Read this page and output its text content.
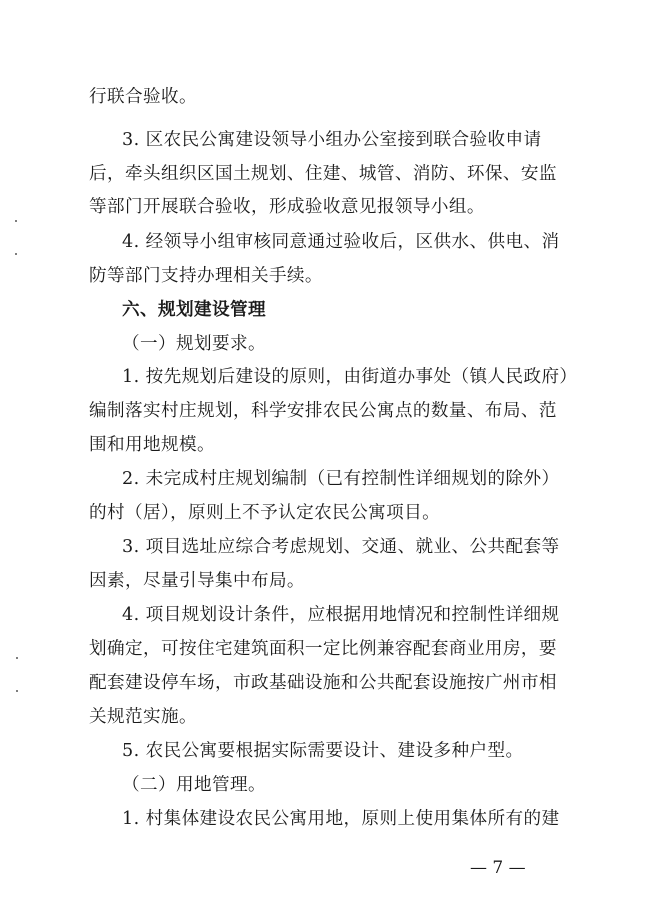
行联合验收。
3. 区农民公寓建设领导小组办公室接到联合验收申请
后，牵头组织区国土规划、住建、城管、消防、环保、安监
等部门开展联合验收，形成验收意见报领导小组。
4. 经领导小组审核同意通过验收后，区供水、供电、消
防等部门支持办理相关手续。
六、规划建设管理
（一）规划要求。
1. 按先规划后建设的原则，由街道办事处（镇人民政府）
编制落实村庄规划，科学安排农民公寓点的数量、布局、范
围和用地规模。
2. 未完成村庄规划编制（已有控制性详细规划的除外）
的村（居），原则上不予认定农民公寓项目。
3. 项目选址应综合考虑规划、交通、就业、公共配套等
因素，尽量引导集中布局。
4. 项目规划设计条件，应根据用地情况和控制性详细规
划确定，可按住宅建筑面积一定比例兼容配套商业用房，要
配套建设停车场，市政基础设施和公共配套设施按广州市相
关规范实施。
5. 农民公寓要根据实际需要设计、建设多种户型。
（二）用地管理。
1. 村集体建设农民公寓用地，原则上使用集体所有的建
— 7 —
